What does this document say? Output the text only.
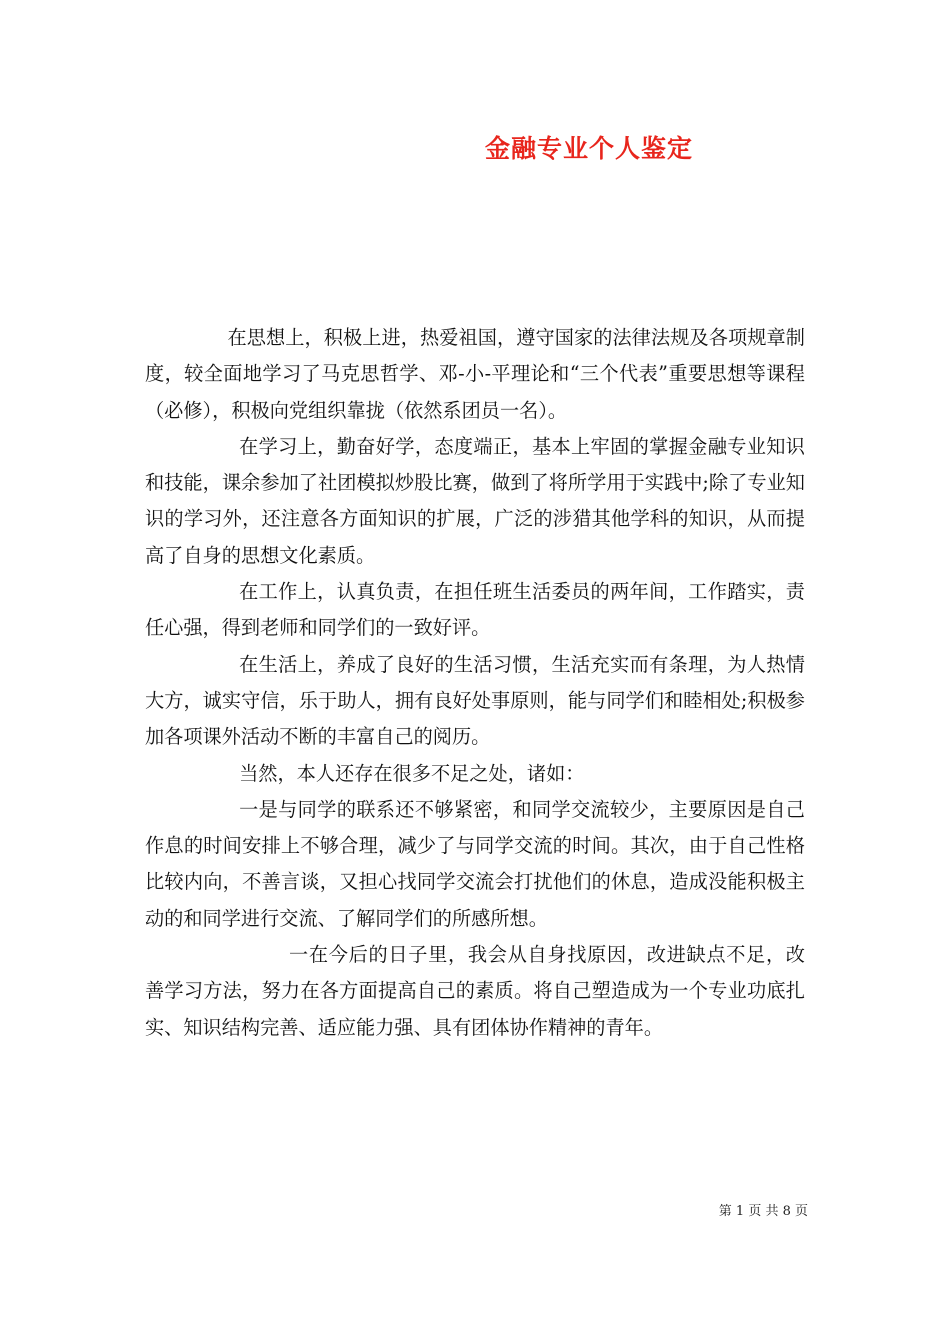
金融专业个人鉴定

在思想上，积极上进，热爱祖国，遵守国家的法律法规及各项规章制度，较全面地学习了马克思哲学、邓-小-平理论和“三个代表”重要思想等课程（必修），积极向党组织靠拢（依然系团员一名）。

在学习上，勤奋好学，态度端正，基本上牢固的掌握金融专业知识和技能，课余参加了社团模拟炒股比赛，做到了将所学用于实践中;除了专业知识的学习外，还注意各方面知识的扩展，广泛的涉猎其他学科的知识，从而提高了自身的思想文化素质。

在工作上，认真负责，在担任班生活委员的两年间，工作踏实，责任心强，得到老师和同学们的一致好评。

在生活上，养成了良好的生活习惯，生活充实而有条理，为人热情大方，诚实守信，乐于助人，拥有良好处事原则，能与同学们和睦相处;积极参加各项课外活动不断的丰富自己的阅历。

当然，本人还存在很多不足之处，诸如：

一是与同学的联系还不够紧密，和同学交流较少，主要原因是自己作息的时间安排上不够合理，减少了与同学交流的时间。其次，由于自己性格比较内向，不善言谈，又担心找同学交流会打扰他们的休息，造成没能积极主动的和同学进行交流、了解同学们的所感所想。

一在今后的日子里，我会从自身找原因，改进缺点不足，改善学习方法，努力在各方面提高自己的素质。将自己塑造成为一个专业功底扎实、知识结构完善、适应能力强、具有团体协作精神的青年。

第 1 页 共 8 页
